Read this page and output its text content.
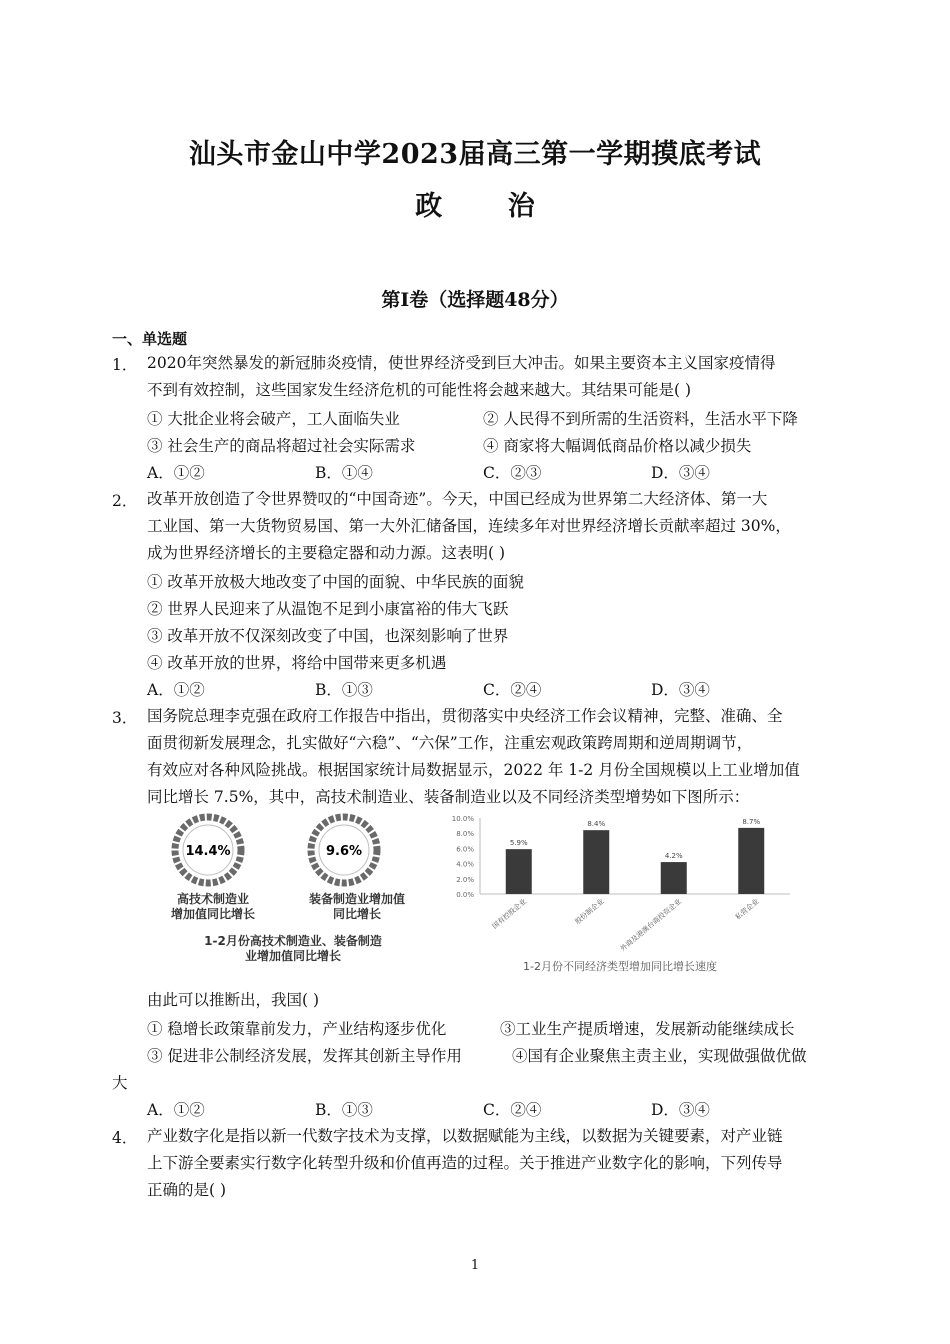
汕头市金山中学2023届高三第一学期摸底考试
政 治
第Ⅰ卷（选择题48分）
一、单选题
1． 2020年突然暴发的新冠肺炎疫情，使世界经济受到巨大冲击。如果主要资本主义国家疫情得
不到有效控制，这些国家发生经济危机的可能性将会越来越大。其结果可能是( )
① 大批企业将会破产，工人面临失业	② 人民得不到所需的生活资料，生活水平下降
③ 社会生产的商品将超过社会实际需求	④ 商家将大幅调低商品价格以减少损失
A．①②	B．①④	C．②③	D．③④
2． 改革开放创造了令世界赞叹的“中国奇迹”。今天，中国已经成为世界第二大经济体、第一大
工业国、第一大货物贸易国、第一大外汇储备国，连续多年对世界经济增长贡献率超过 30%，
成为世界经济增长的主要稳定器和动力源。这表明( )
① 改革开放极大地改变了中国的面貌、中华民族的面貌
② 世界人民迎来了从温饱不足到小康富裕的伟大飞跃
③ 改革开放不仅深刻改变了中国，也深刻影响了世界
④ 改革开放的世界，将给中国带来更多机遇
A．①②	B．①③	C．②④	D．③④
3． 国务院总理李克强在政府工作报告中指出，贯彻落实中央经济工作会议精神，完整、准确、全
面贯彻新发展理念，扎实做好“六稳”、“六保”工作，注重宏观政策跨周期和逆周期调节，
有效应对各种风险挑战。根据国家统计局数据显示，2022 年 1-2 月份全国规模以上工业增加值
同比增长 7.5%，其中，高技术制造业、装备制造业以及不同经济类型增势如下图所示：
14.4%	9.6%
高技术制造业
增加值同比增长
装备制造业增加值
同比增长
1-2月份高技术制造业、装备制造
业增加值同比增长
10.0%
8.0%
6.0%
4.0%
2.0%
0.0%
5.9%
国有控股企业
8.4%
股份制企业
4.2%
外商及港澳台商投资企业
8.7%
私营企业
1-2月份不同经济类型增加同比增长速度
由此可以推断出，我国( )
① 稳增长政策靠前发力，产业结构逐步优化	③工业生产提质增速，发展新动能继续成长
③ 促进非公制经济发展，发挥其创新主导作用	④国有企业聚焦主责主业，实现做强做优做
大
A．①②	B．①③	C．②④	D．③④
4． 产业数字化是指以新一代数字技术为支撑，以数据赋能为主线，以数据为关键要素，对产业链
上下游全要素实行数字化转型升级和价值再造的过程。关于推进产业数字化的影响，下列传导
正确的是( )
1
